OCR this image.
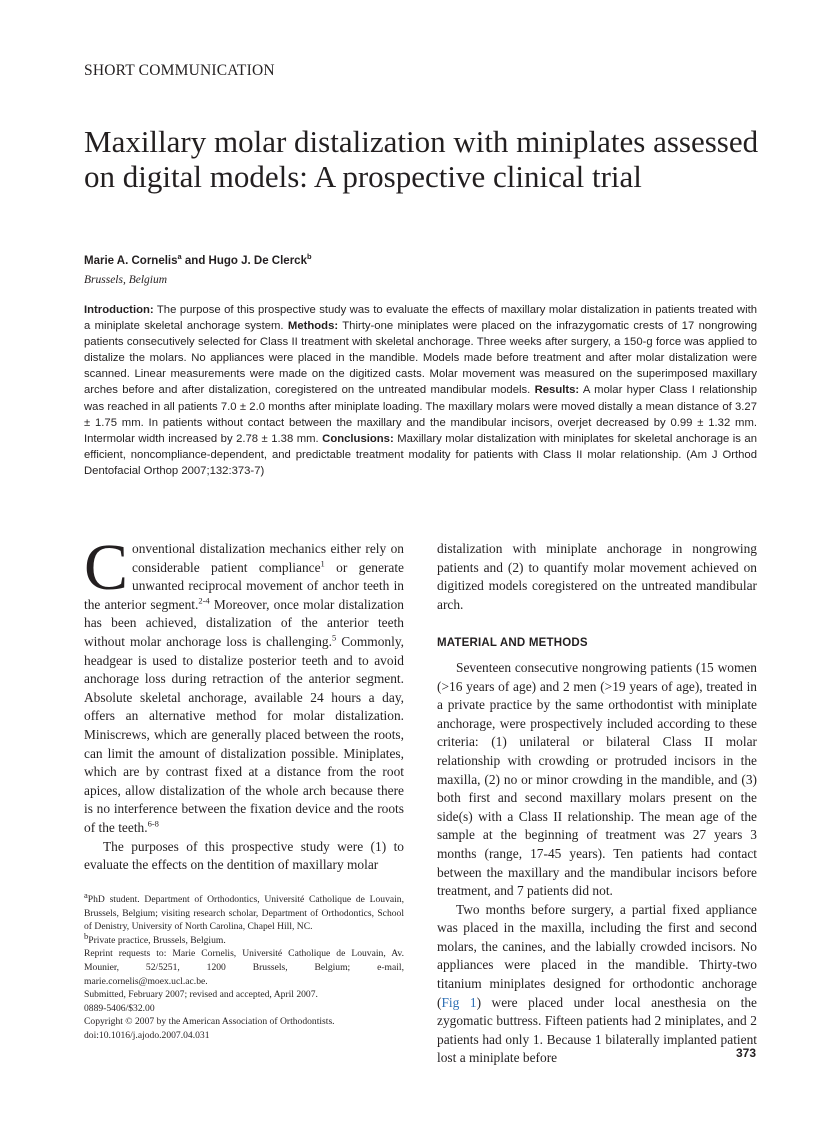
SHORT COMMUNICATION
Maxillary molar distalization with miniplates assessed on digital models: A prospective clinical trial
Marie A. Cornelis$^a$ and Hugo J. De Clerck$^b$
Brussels, Belgium
Introduction: The purpose of this prospective study was to evaluate the effects of maxillary molar distalization in patients treated with a miniplate skeletal anchorage system. Methods: Thirty-one miniplates were placed on the infrazygomatic crests of 17 nongrowing patients consecutively selected for Class II treatment with skeletal anchorage. Three weeks after surgery, a 150-g force was applied to distalize the molars. No appliances were placed in the mandible. Models made before treatment and after molar distalization were scanned. Linear measurements were made on the digitized casts. Molar movement was measured on the superimposed maxillary arches before and after distalization, coregistered on the untreated mandibular models. Results: A molar hyper Class I relationship was reached in all patients 7.0 ± 2.0 months after miniplate loading. The maxillary molars were moved distally a mean distance of 3.27 ± 1.75 mm. In patients without contact between the maxillary and the mandibular incisors, overjet decreased by 0.99 ± 1.32 mm. Intermolar width increased by 2.78 ± 1.38 mm. Conclusions: Maxillary molar distalization with miniplates for skeletal anchorage is an efficient, noncompliance-dependent, and predictable treatment modality for patients with Class II molar relationship. (Am J Orthod Dentofacial Orthop 2007;132:373-7)

Conventional distalization mechanics either rely on considerable patient compliance$^1$ or generate unwanted reciprocal movement of anchor teeth in the anterior segment.$^{2-4}$ Moreover, once molar distalization has been achieved, distalization of the anterior teeth without molar anchorage loss is challenging.$^5$ Commonly, headgear is used to distalize posterior teeth and to avoid anchorage loss during retraction of the anterior segment. Absolute skeletal anchorage, available 24 hours a day, offers an alternative method for molar distalization. Miniscrews, which are generally placed between the roots, can limit the amount of distalization possible. Miniplates, which are by contrast fixed at a distance from the root apices, allow distalization of the whole arch because there is no interference between the fixation device and the roots of the teeth.$^{6-8}$

The purposes of this prospective study were (1) to evaluate the effects on the dentition of maxillary molar

distalization with miniplate anchorage in nongrowing patients and (2) to quantify molar movement achieved on digitized models coregistered on the untreated mandibular arch.

MATERIAL AND METHODS

Seventeen consecutive nongrowing patients (15 women (>16 years of age) and 2 men (>19 years of age), treated in a private practice by the same orthodontist with miniplate anchorage, were prospectively included according to these criteria: (1) unilateral or bilateral Class II molar relationship with crowding or protruded incisors in the maxilla, (2) no or minor crowding in the mandible, and (3) both first and second maxillary molars present on the side(s) with a Class II relationship. The mean age of the sample at the beginning of treatment was 27 years 3 months (range, 17-45 years). Ten patients had contact between the maxillary and the mandibular incisors before treatment, and 7 patients did not.

Two months before surgery, a partial fixed appliance was placed in the maxilla, including the first and second molars, the canines, and the labially crowded incisors. No appliances were placed in the mandible. Thirty-two titanium miniplates designed for orthodontic anchorage (Fig 1) were placed under local anesthesia on the zygomatic buttress. Fifteen patients had 2 miniplates, and 2 patients had only 1. Because 1 bilaterally implanted patient lost a miniplate before

$^a$PhD student. Department of Orthodontics, Université Catholique de Louvain, Brussels, Belgium; visiting research scholar, Department of Orthodontics, School of Denistry, University of North Carolina, Chapel Hill, NC.
$^b$Private practice, Brussels, Belgium.
Reprint requests to: Marie Cornelis, Université Catholique de Louvain, Av. Mounier, 52/5251, 1200 Brussels, Belgium; e-mail, marie.cornelis@moex.ucl.ac.be.
Submitted, February 2007; revised and accepted, April 2007.
0889-5406/$32.00
Copyright © 2007 by the American Association of Orthodontists.
doi:10.1016/j.ajodo.2007.04.031
373
